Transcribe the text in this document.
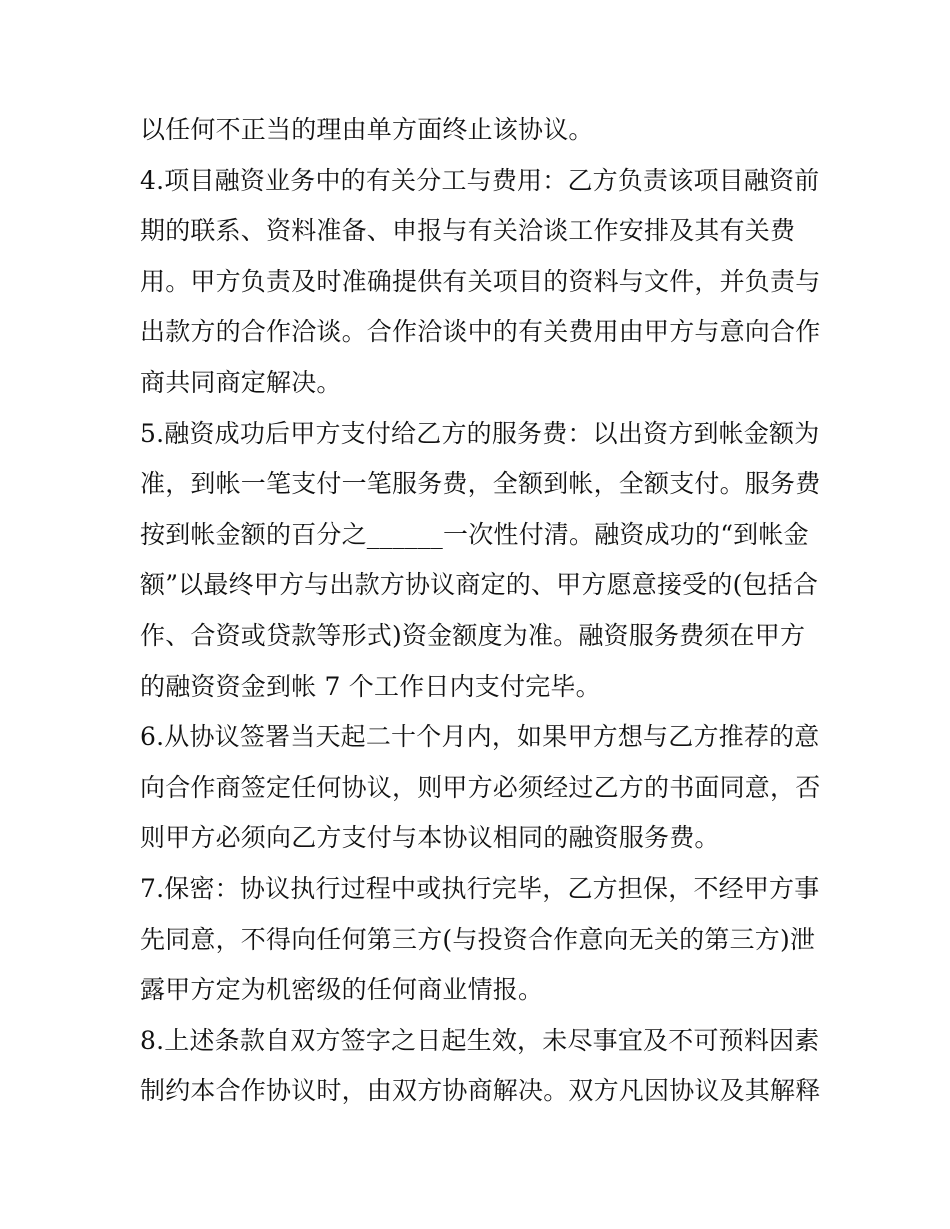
以任何不正当的理由单方面终止该协议。
4.项目融资业务中的有关分工与费用：乙方负责该项目融资前
期的联系、资料准备、申报与有关洽谈工作安排及其有关费
用。甲方负责及时准确提供有关项目的资料与文件，并负责与
出款方的合作洽谈。合作洽谈中的有关费用由甲方与意向合作
商共同商定解决。
5.融资成功后甲方支付给乙方的服务费：以出资方到帐金额为
准，到帐一笔支付一笔服务费，全额到帐，全额支付。服务费
按到帐金额的百分之______一次性付清。融资成功的“到帐金
额”以最终甲方与出款方协议商定的、甲方愿意接受的(包括合
作、合资或贷款等形式)资金额度为准。融资服务费须在甲方
的融资资金到帐 7 个工作日内支付完毕。
6.从协议签署当天起二十个月内，如果甲方想与乙方推荐的意
向合作商签定任何协议，则甲方必须经过乙方的书面同意，否
则甲方必须向乙方支付与本协议相同的融资服务费。
7.保密：协议执行过程中或执行完毕，乙方担保，不经甲方事
先同意，不得向任何第三方(与投资合作意向无关的第三方)泄
露甲方定为机密级的任何商业情报。
8.上述条款自双方签字之日起生效，未尽事宜及不可预料因素
制约本合作协议时，由双方协商解决。双方凡因协议及其解释
